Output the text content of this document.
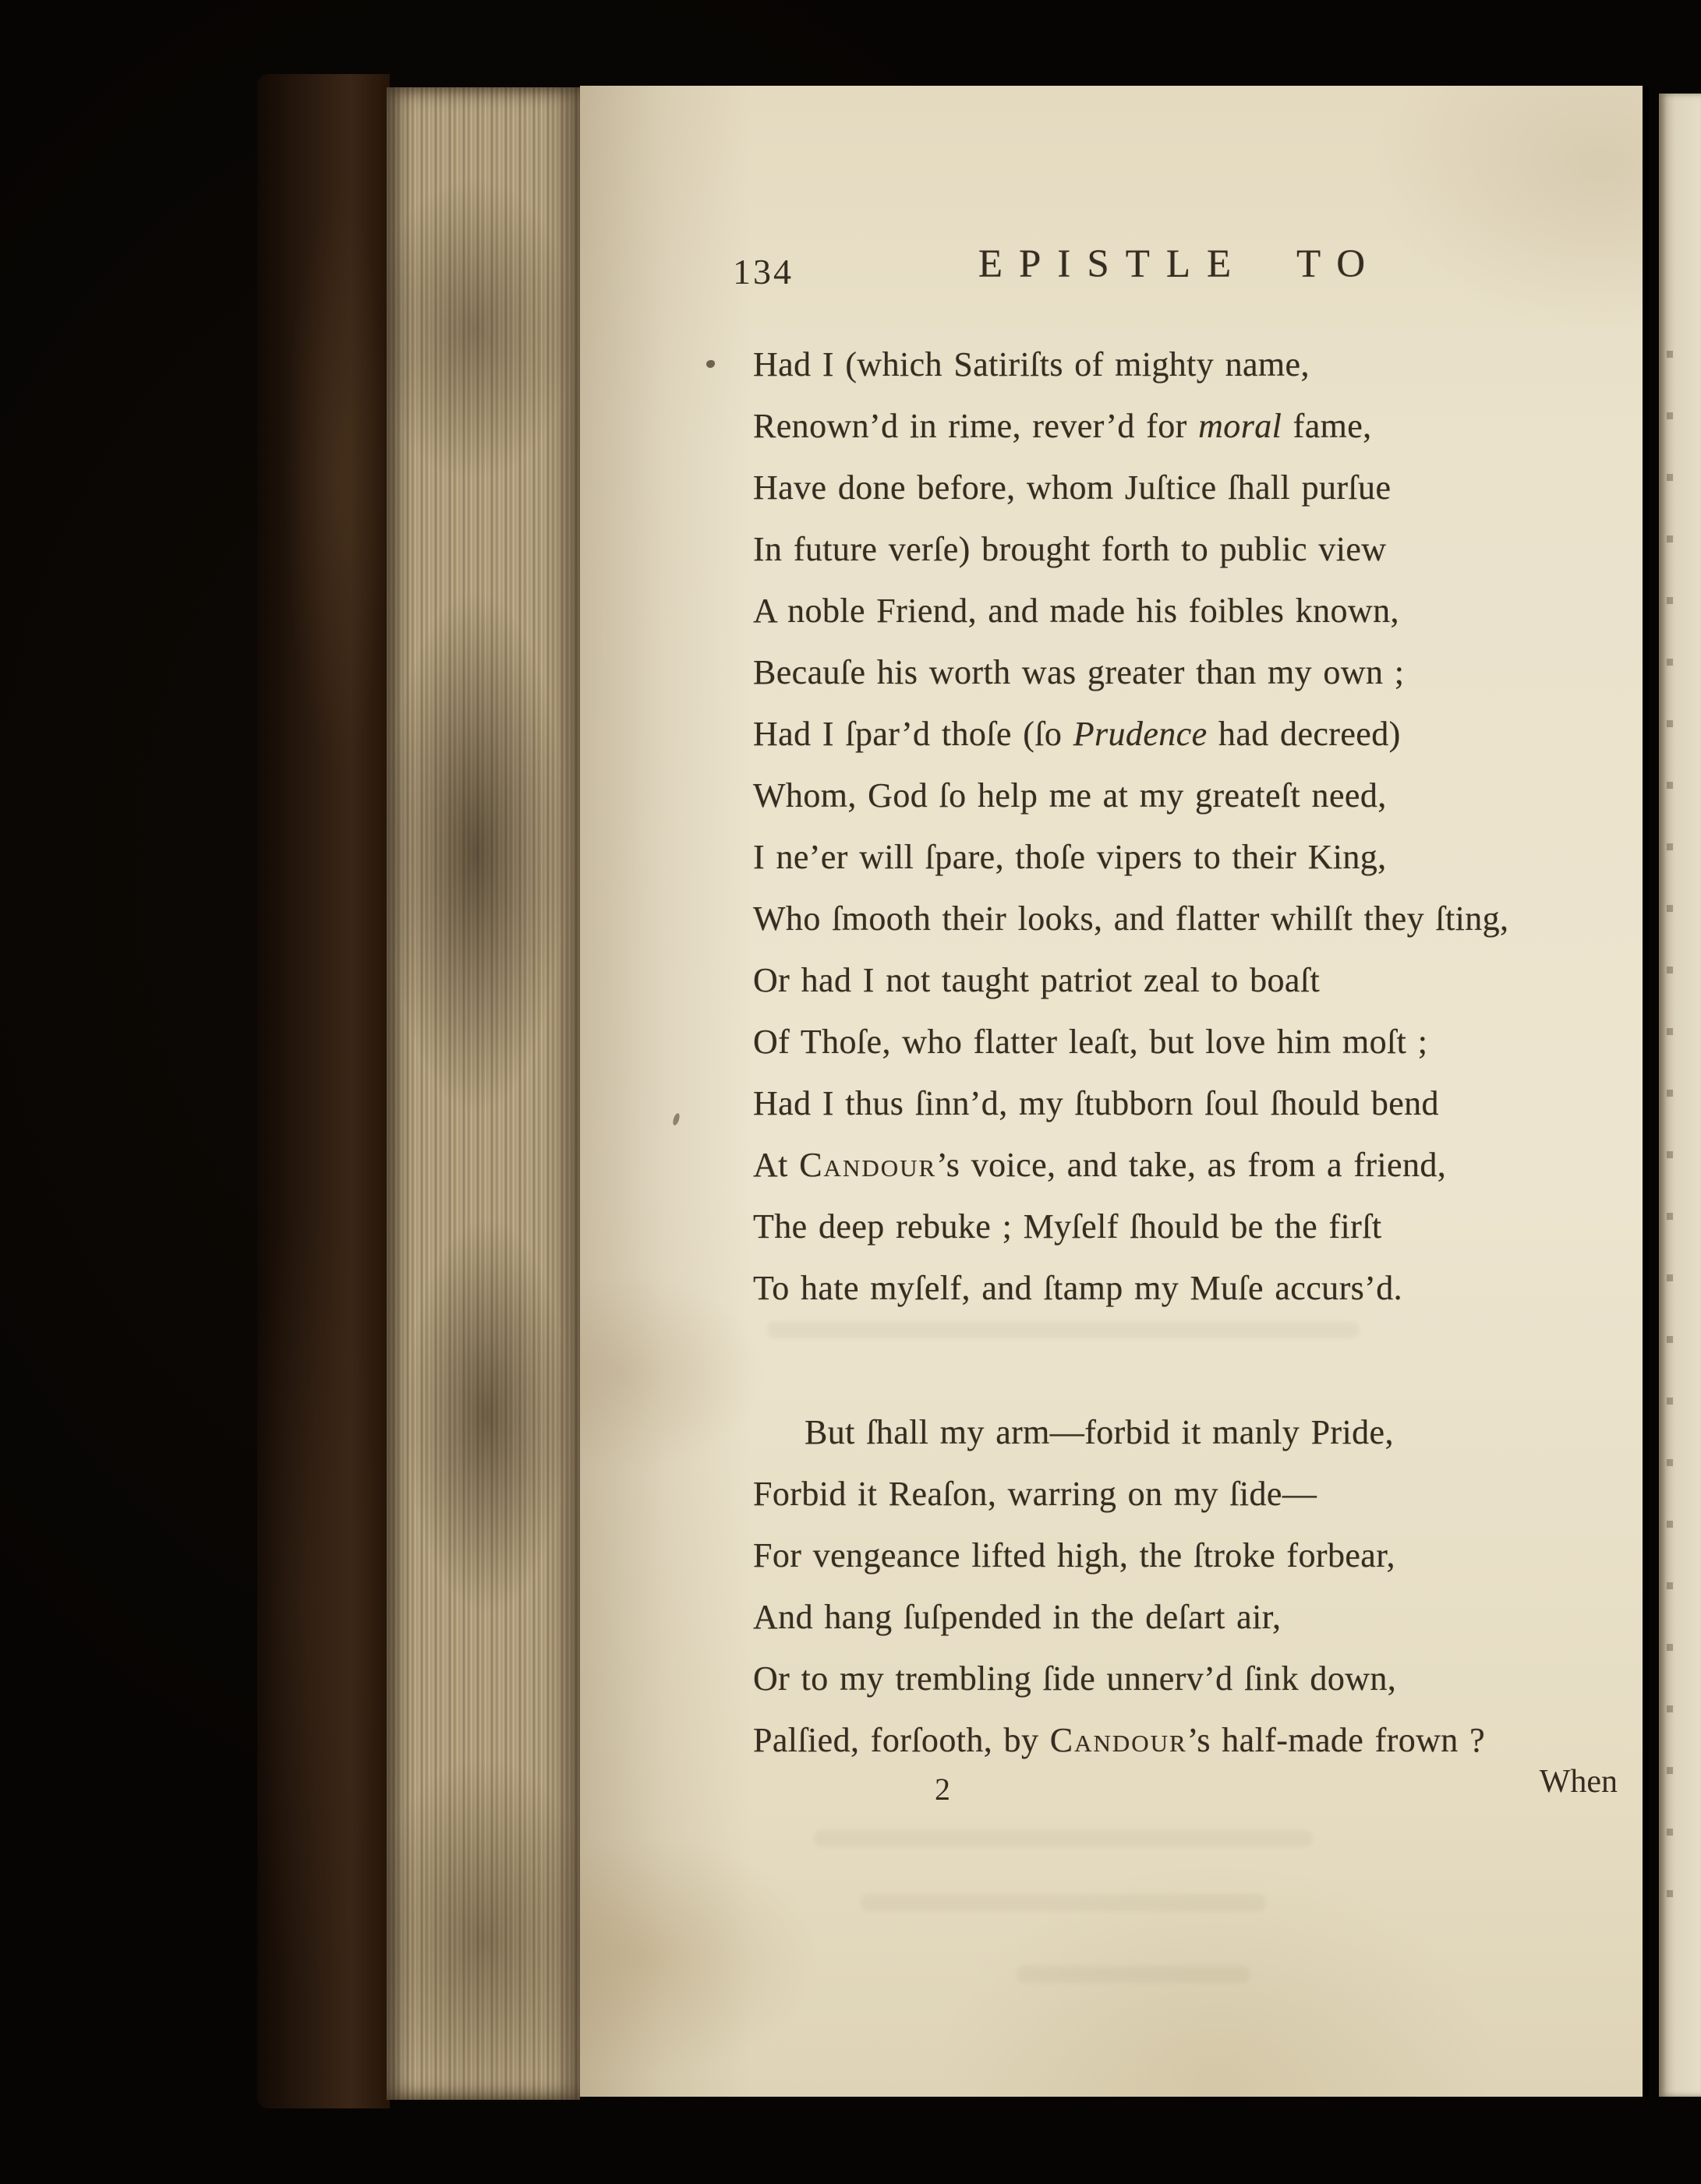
134	EPISTLE TO
Had I (which Satiriſts of mighty name,
Renown’d in rime, rever’d for moral fame,
Have done before, whom Juſtice ſhall purſue
In future verſe) brought forth to public view
A noble Friend, and made his foibles known,
Becauſe his worth was greater than my own ;
Had I ſpar’d thoſe (ſo Prudence had decreed)
Whom, God ſo help me at my greateſt need,
I ne’er will ſpare, thoſe vipers to their King,
Who ſmooth their looks, and flatter whilſt they ſting,
Or had I not taught patriot zeal to boaſt
Of Thoſe, who flatter leaſt, but love him moſt ;
Had I thus ſinn’d, my ſtubborn ſoul ſhould bend
At Candour’s voice, and take, as from a friend,
The deep rebuke ; Myſelf ſhould be the firſt
To hate myſelf, and ſtamp my Muſe accurs’d.
But ſhall my arm—forbid it manly Pride,
Forbid it Reaſon, warring on my ſide—
For vengeance lifted high, the ſtroke forbear,
And hang ſuſpended in the deſart air,
Or to my trembling ſide unnerv’d ſink down,
Palſied, forſooth, by Candour’s half-made frown ?
2	When
